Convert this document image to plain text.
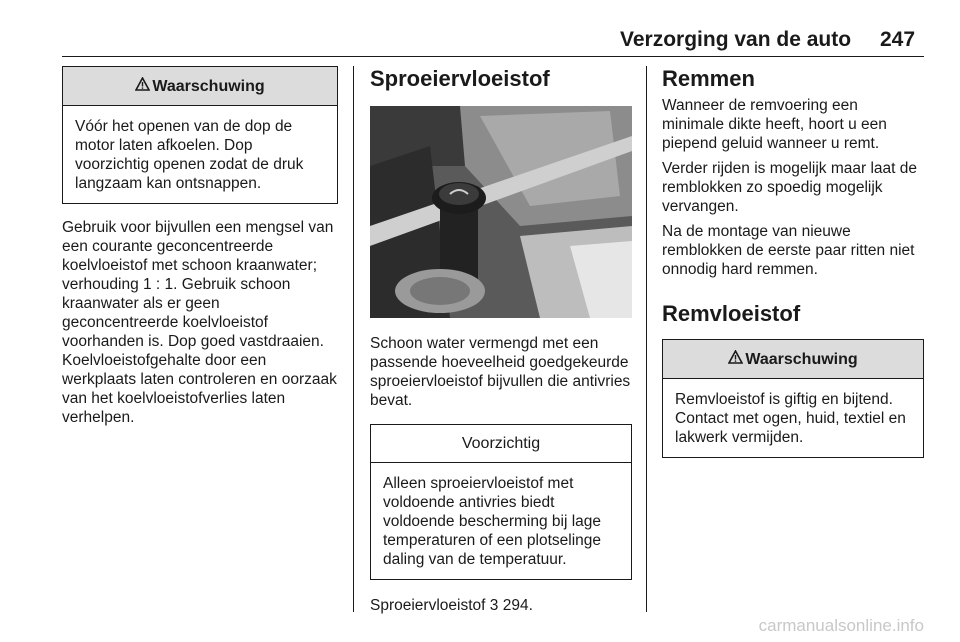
Verzorging van de auto 247
Waarschuwing
Vóór het openen van de dop de motor laten afkoelen. Dop voorzichtig openen zodat de druk langzaam kan ontsnappen.

Gebruik voor bijvullen een mengsel van een courante geconcentreerde koelvloeistof met schoon kraanwater; verhouding 1 : 1. Gebruik schoon kraanwater als er geen geconcentreerde koelvloeistof voorhanden is. Dop goed vastdraaien. Koelvloeistofgehalte door een werkplaats laten controleren en oorzaak van het koelvloeistofverlies laten verhelpen.

Sproeiervloeistof

Schoon water vermengd met een passende hoeveelheid goedgekeurde sproeiervloeistof bijvullen die antivries bevat.

Voorzichtig
Alleen sproeiervloeistof met voldoende antivries biedt voldoende bescherming bij lage temperaturen of een plotselinge daling van de temperatuur.

Sproeiervloeistof 3 294.

Remmen

Wanneer de remvoering een minimale dikte heeft, hoort u een piepend geluid wanneer u remt.

Verder rijden is mogelijk maar laat de remblokken zo spoedig mogelijk vervangen.

Na de montage van nieuwe remblokken de eerste paar ritten niet onnodig hard remmen.

Remvloeistof
Waarschuwing
Remvloeistof is giftig en bijtend. Contact met ogen, huid, textiel en lakwerk vermijden.
carmanualsonline.info
